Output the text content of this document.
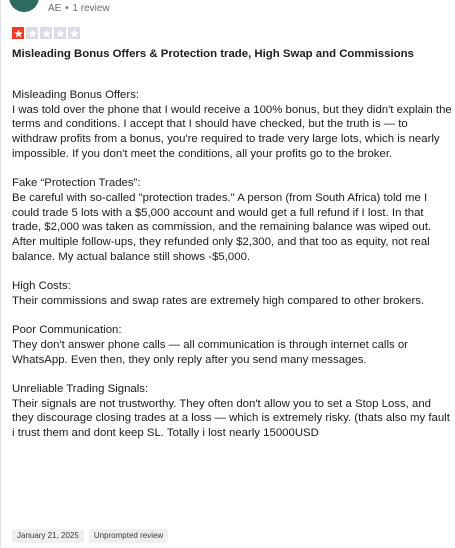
AE • 1 review
Misleading Bonus Offers & Protection trade, High Swap and Commissions

Misleading Bonus Offers:

I was told over the phone that I would receive a 100% bonus, but they didn't explain the terms and conditions. I accept that I should have checked, but the truth is — to withdraw profits from a bonus, you're required to trade very large lots, which is nearly impossible. If you don't meet the conditions, all your profits go to the broker.

Fake “Protection Trades”:

Be careful with so-called "protection trades." A person (from South Africa) told me I could trade 5 lots with a $5,000 account and would get a full refund if I lost. In that trade, $2,000 was taken as commission, and the remaining balance was wiped out. After multiple follow-ups, they refunded only $2,300, and that too as equity, not real balance. My actual balance still shows -$5,000.

High Costs:

Their commissions and swap rates are extremely high compared to other brokers.

Poor Communication:

They don't answer phone calls — all communication is through internet calls or WhatsApp. Even then, they only reply after you send many messages.

Unreliable Trading Signals:

Their signals are not trustworthy. They often don't allow you to set a Stop Loss, and they discourage closing trades at a loss — which is extremely risky. (thats also my fault i trust them and dont keep SL. Totally i lost nearly 15000USD

January 21, 2025	Unprompted review
